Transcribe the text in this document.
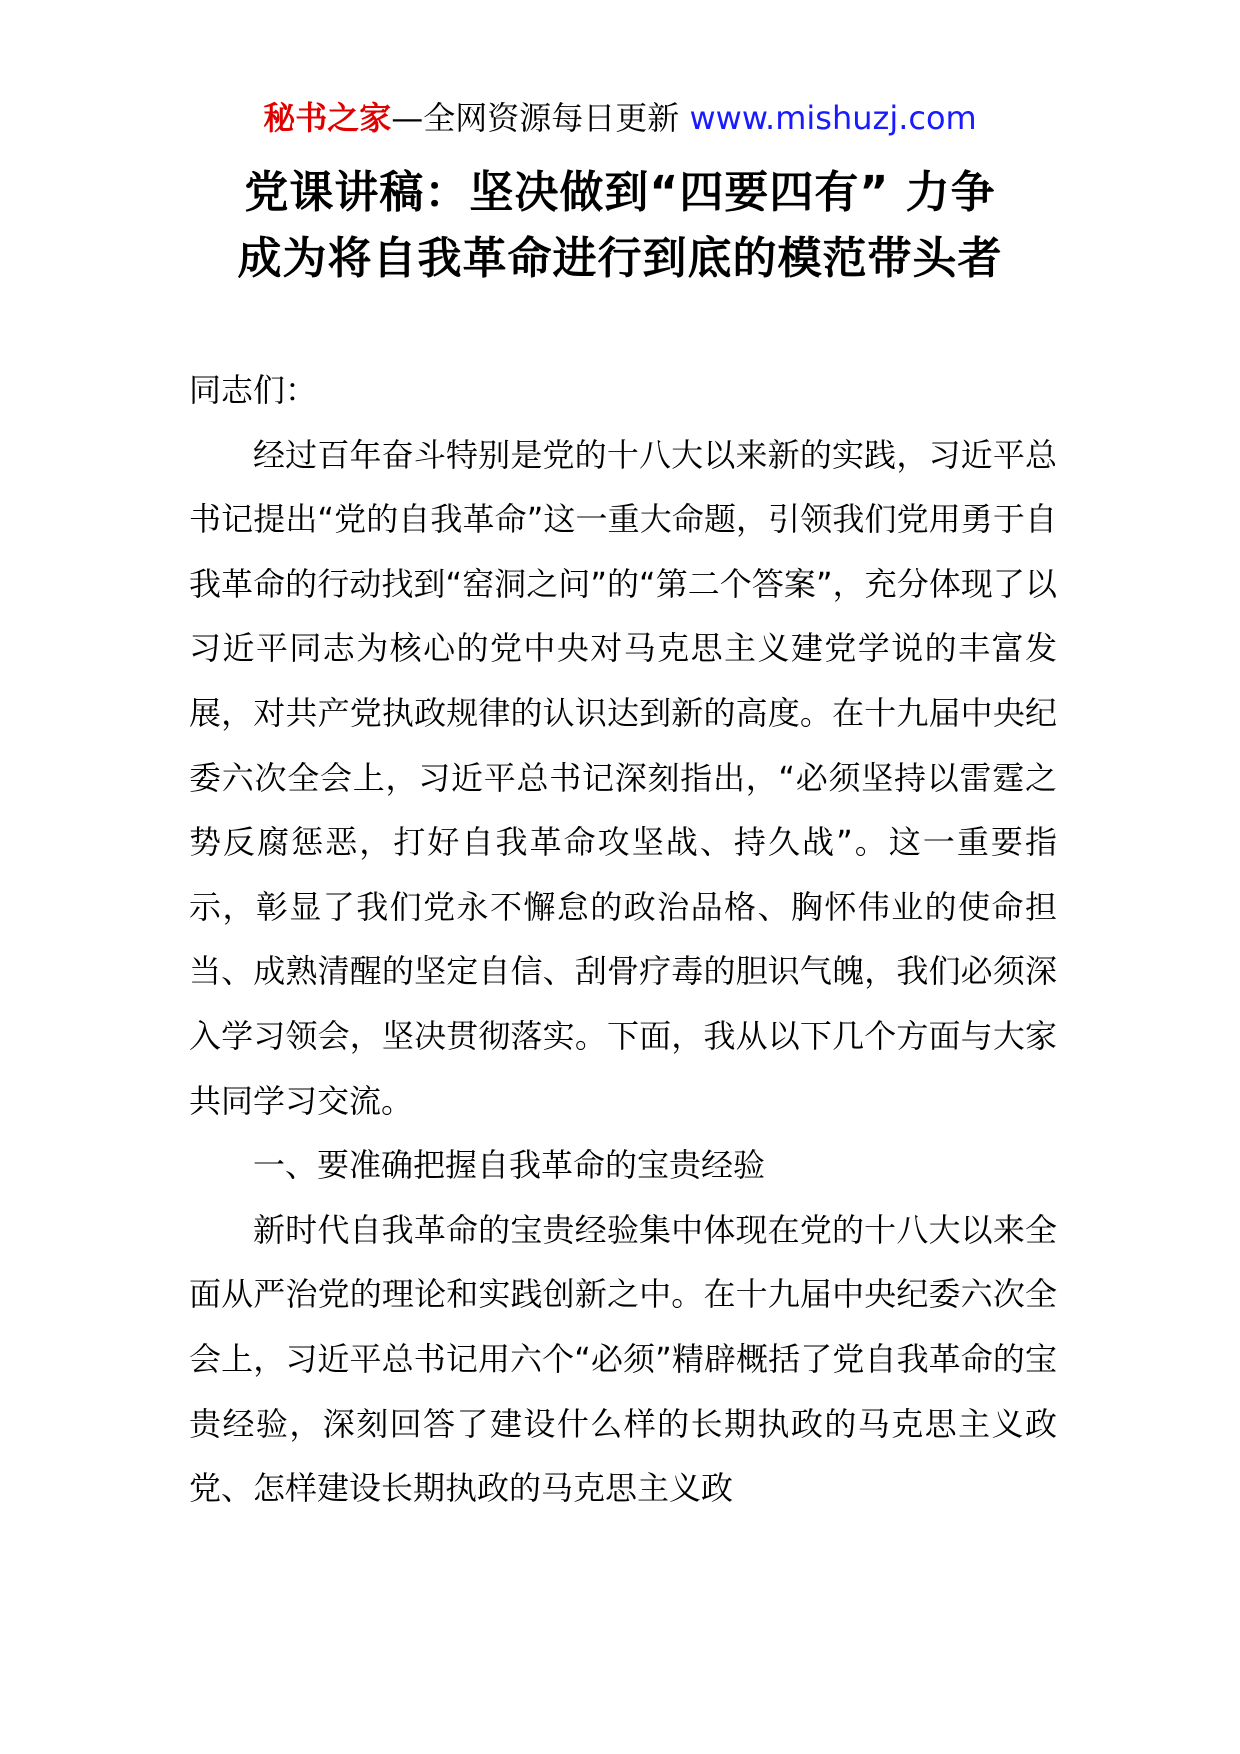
秘书之家—全网资源每日更新 www.mishuzj.com
党课讲稿：坚决做到“四要四有” 力争
成为将自我革命进行到底的模范带头者

同志们：

经过百年奋斗特别是党的十八大以来新的实践，习近平总书记提出“党的自我革命”这一重大命题，引领我们党用勇于自我革命的行动找到“窑洞之问”的“第二个答案”，充分体现了以习近平同志为核心的党中央对马克思主义建党学说的丰富发展，对共产党执政规律的认识达到新的高度。在十九届中央纪委六次全会上，习近平总书记深刻指出，“必须坚持以雷霆之势反腐惩恶，打好自我革命攻坚战、持久战”。这一重要指示，彰显了我们党永不懈怠的政治品格、胸怀伟业的使命担当、成熟清醒的坚定自信、刮骨疗毒的胆识气魄，我们必须深入学习领会，坚决贯彻落实。下面，我从以下几个方面与大家共同学习交流。

一、要准确把握自我革命的宝贵经验

新时代自我革命的宝贵经验集中体现在党的十八大以来全面从严治党的理论和实践创新之中。在十九届中央纪委六次全会上，习近平总书记用六个“必须”精辟概括了党自我革命的宝贵经验，深刻回答了建设什么样的长期执政的马克思主义政党、怎样建设长期执政的马克思主义政
